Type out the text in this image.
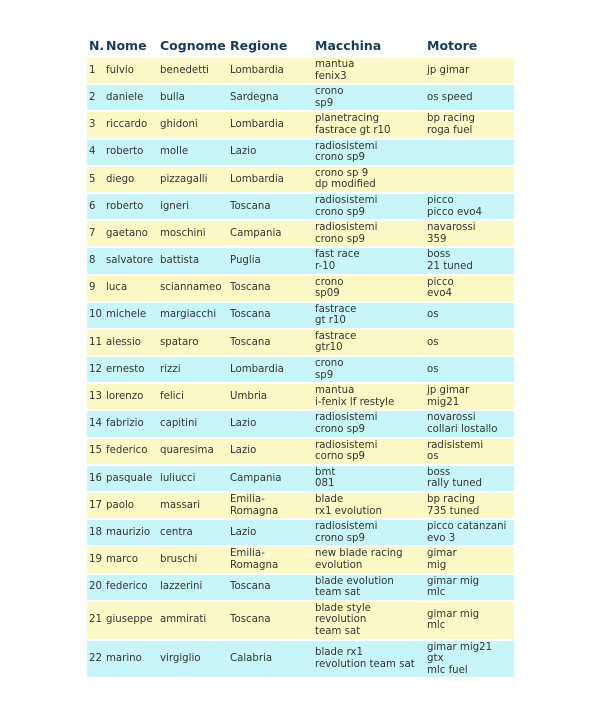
N.	Nome	Cognome	Regione	Macchina	Motore
1	fulvio	benedetti	Lombardia	mantua
fenix3	jp gimar

2	daniele	bulla	Sardegna	crono
sp9	os speed

3	riccardo	ghidoni	Lombardia	planetracing
fastrace gt r10	bp racing
roga fuel

4	roberto	molle	Lazio	radiosistemi
crono sp9	

5	diego	pizzagalli	Lombardia	crono sp 9
dp modified	

6	roberto	igneri	Toscana	radiosistemi
crono sp9	picco
picco evo4

7	gaetano	moschini	Campania	radiosistemi
crono sp9	navarossi
359

8	salvatore	battista	Puglia	fast race
r-10	boss
21 tuned

9	luca	sciannameo	Toscana	crono
sp09	picco
evo4

10	michele	margiacchi	Toscana	fastrace
gt r10	os

11	alessio	spataro	Toscana	fastrace
gtr10	os

12	ernesto	rizzi	Lombardia	crono
sp9	os

13	lorenzo	felici	Umbria	mantua
i-fenix lf restyle	jp gimar
mig21

14	fabrizio	capitini	Lazio	radiosistemi
crono sp9	novarossi
collari lostallo

15	federico	quaresima	Lazio	radiosistemi
corno sp9	radisistemi
os

16	pasquale	iuliucci	Campania	bmt
081	boss
rally tuned

17	paolo	massari	Emilia-
Romagna	blade
rx1 evolution	bp racing
735 tuned

18	maurizio	centra	Lazio	radiosistemi
crono sp9	picco catanzani
evo 3

19	marco	bruschi	Emilia-
Romagna	new blade racing
evolution	gimar
mig

20	federico	lazzerini	Toscana	blade evolution
team sat	gimar mig
mlc

21	giuseppe	ammirati	Toscana	blade style
revolution
team sat	gimar mig
mlc

22	marino	virgiglio	Calabria	blade rx1
revolution team sat	gimar mig21
gtx
mlc fuel
